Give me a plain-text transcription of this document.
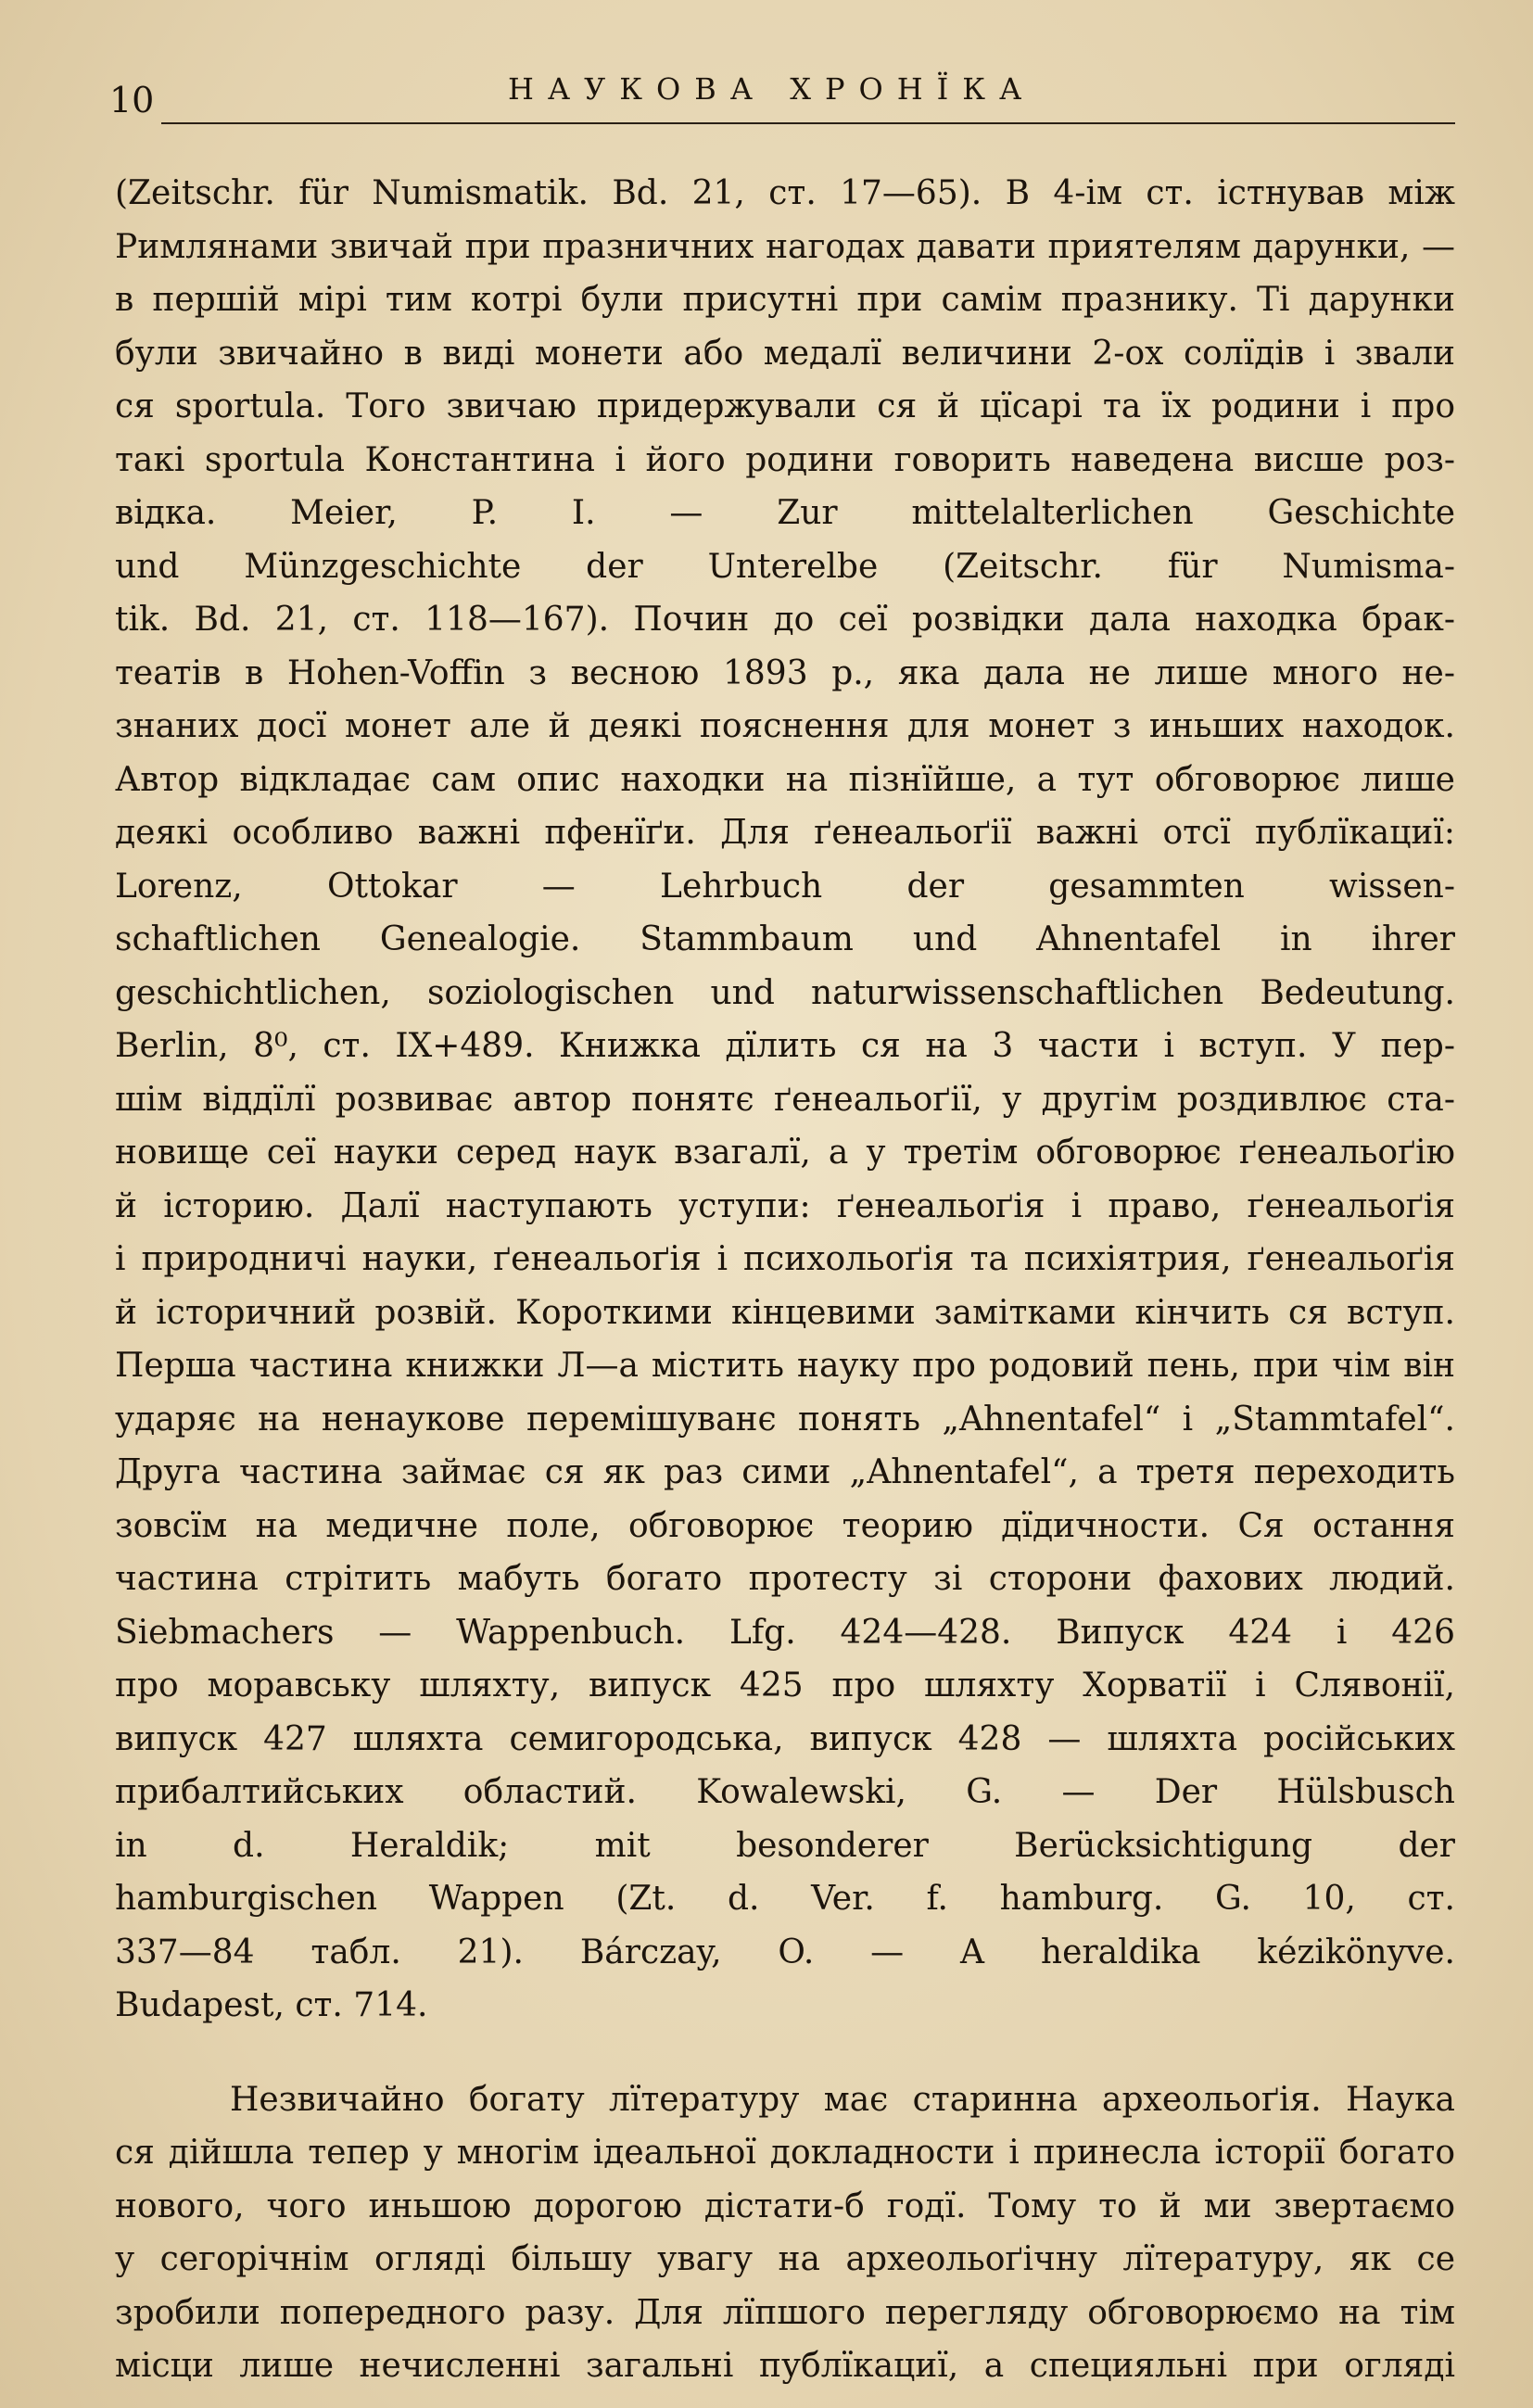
10	НАУКОВА ХРОНЇКА
(Zeitschr. für Numismatik. Bd. 21, ст. 17—65). В 4-ім ст. істнував між
Римлянами звичай при празничних нагодах давати приятелям дарунки, —
в першій мірі тим котрі були присутні при самім празнику. Ті дарунки
були звичайно в виді монети або медалї величини 2-ох солїдів і звали
ся sportula. Того звичаю придержували ся й цїсарі та їх родини і про
такі sportula Константина і його родини говорить наведена висше роз-
відка. Meier, P. I. — Zur mittelalterlichen Geschichte
und Münzgeschichte der Unterelbe (Zeitschr. für Numisma-
tik. Bd. 21, ст. 118—167). Почин до сеї розвідки дала находка брак-
театів в Hohen-Voffin з весною 1893 р., яка дала не лише много не-
знаних досї монет але й деякі пояснення для монет з иньших находок.
Автор відкладає сам опис находки на пізнїйше, а тут обговорює лише
деякі особливо важні пфенїґи. Для ґенеальоґії важні отсї публїкациї:
Lorenz, Ottokar — Lehrbuch der gesammten wissen-
schaftlichen Genealogie. Stammbaum und Ahnentafel in ihrer
geschichtlichen, soziologischen und naturwissenschaftlichen Bedeutung.
Berlin, 8⁰, ст. IX+489. Книжка дїлить ся на 3 части і вступ. У пер-
шім віддїлї розвиває автор понятє ґенеальоґії, у другім роздивлює ста-
новище сеї науки серед наук взагалї, а у третім обговорює ґенеальоґію
й історию. Далї наступають уступи: ґенеальоґія і право, ґенеальоґія
і природничі науки, ґенеальоґія і психольоґія та психіятрия, ґенеальоґія
й історичний розвій. Короткими кінцевими замітками кінчить ся вступ.
Перша частина книжки Л—а містить науку про родовий пень, при чім він
ударяє на ненаукове перемішуванє понять „Ahnentafel“ і „Stammtafel“.
Друга частина займає ся як раз сими „Ahnentafel“, а третя переходить
зовсїм на медичне поле, обговорює теорию дїдичности. Ся остання
частина стрітить мабуть богато протесту зі сторони фахових людий.
Siebmachers — Wappenbuch. Lfg. 424—428. Випуск 424 і 426
про моравську шляхту, випуск 425 про шляхту Хорватії і Слявонії,
випуск 427 шляхта семигородська, випуск 428 — шляхта російських
прибалтийських областий. Kowalewski, G. — Der Hülsbusch
in d. Heraldik; mit besonderer Berücksichtigung der
hamburgischen Wappen (Zt. d. Ver. f. hamburg. G. 10, ст.
337—84 табл. 21). Bárczay, O. — A heraldika kézikönyve.
Budapest, ст. 714.
Незвичайно богату лїтературу має старинна археольоґія. Наука
ся дійшла тепер у многім ідеальної докладности і принесла історії богато
нового, чого иньшою дорогою дістати-б годї. Тому то й ми звертаємо
у сегорічнім огляді більшу увагу на археольоґічну лїтературу, як се
зробили попередного разу. Для лїпшого перегляду обговорюємо на тім
місци лише нечисленні загальні публїкациї, а специяльні при огляді
